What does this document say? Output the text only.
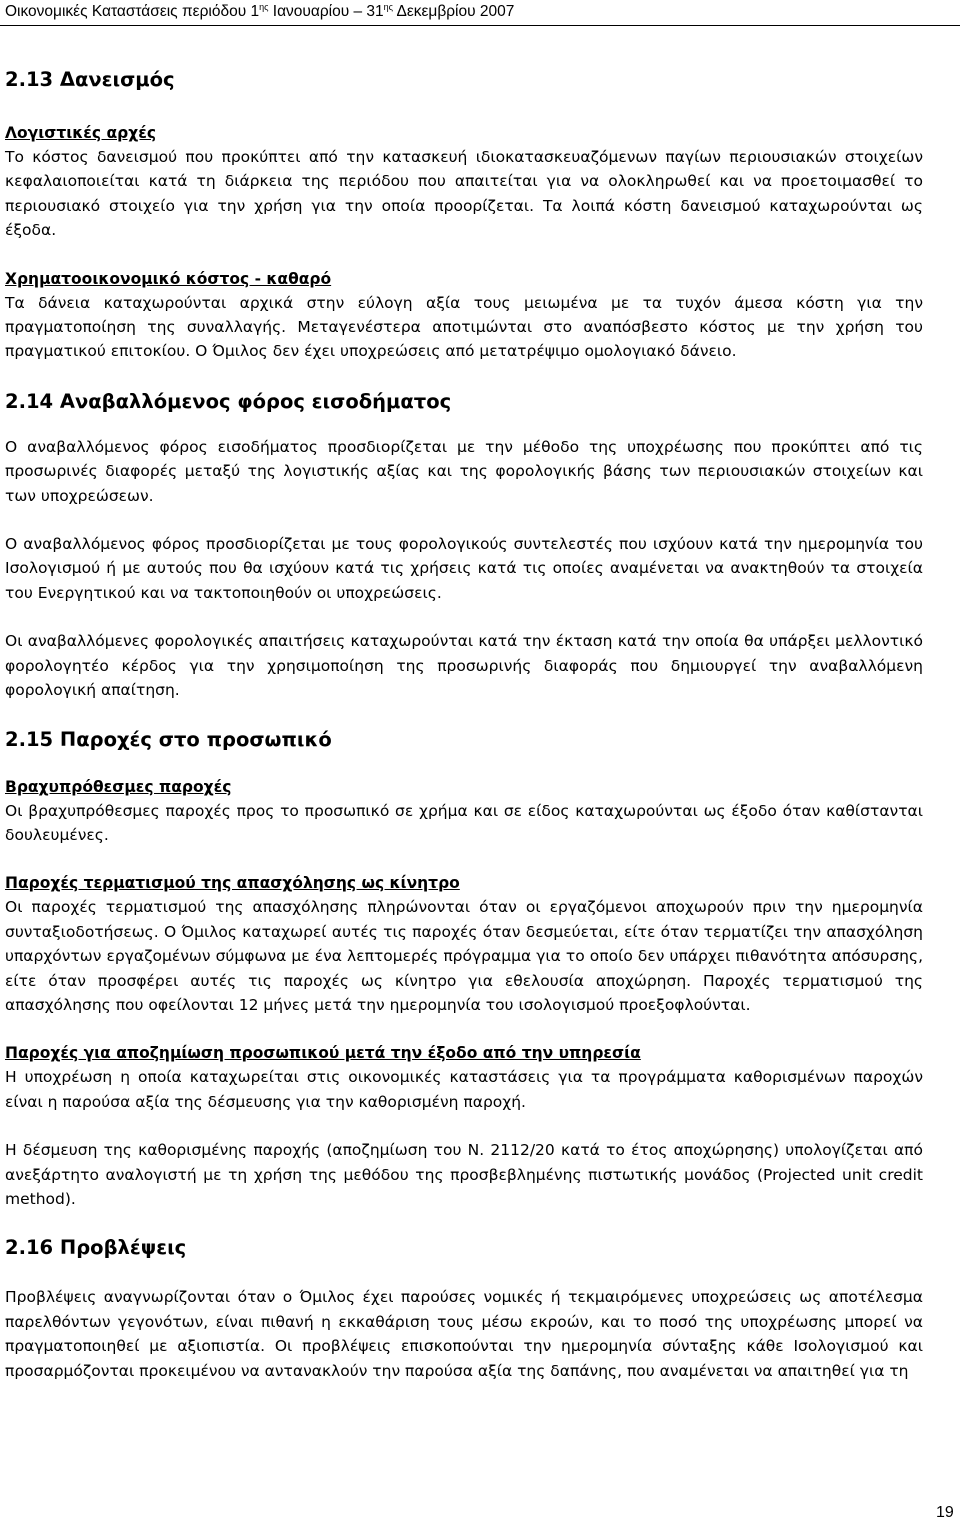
Οικονομικές Καταστάσεις περιόδου $1^{\eta\varsigma}$ Ιανουαρίου – $31^{\eta\varsigma}$ Δεκεμβρίου 2007
2.13 Δανεισμός
Λογιστικές αρχές

Το κόστος δανεισμού που προκύπτει από την κατασκευή ιδιοκατασκευαζόμενων παγίων περιουσιακών στοιχείων κεφαλαιοποιείται κατά τη διάρκεια της περιόδου που απαιτείται για να ολοκληρωθεί και να προετοιμασθεί το περιουσιακό στοιχείο για την χρήση για την οποία προορίζεται. Τα λοιπά κόστη δανεισμού καταχωρούνται ως έξοδα.

Χρηματοοικονομικό κόστος - καθαρό

Τα δάνεια καταχωρούνται αρχικά στην εύλογη αξία τους μειωμένα με τα τυχόν άμεσα κόστη για την πραγματοποίηση της συναλλαγής. Μεταγενέστερα αποτιμώνται στο αναπόσβεστο κόστος με την χρήση του πραγματικού επιτοκίου. Ο Όμιλος δεν έχει υποχρεώσεις από μετατρέψιμο ομολογιακό δάνειο.

2.14 Αναβαλλόμενος φόρος εισοδήματος

Ο αναβαλλόμενος φόρος εισοδήματος προσδιορίζεται με την μέθοδο της υποχρέωσης που προκύπτει από τις προσωρινές διαφορές μεταξύ της λογιστικής αξίας και της φορολογικής βάσης των περιουσιακών στοιχείων και των υποχρεώσεων.

Ο αναβαλλόμενος φόρος προσδιορίζεται με τους φορολογικούς συντελεστές που ισχύουν κατά την ημερομηνία του Ισολογισμού ή με αυτούς που θα ισχύουν κατά τις χρήσεις κατά τις οποίες αναμένεται να ανακτηθούν τα στοιχεία του Ενεργητικού και να τακτοποιηθούν οι υποχρεώσεις.

Οι αναβαλλόμενες φορολογικές απαιτήσεις καταχωρούνται κατά την έκταση κατά την οποία θα υπάρξει μελλοντικό φορολογητέο κέρδος για την χρησιμοποίηση της προσωρινής διαφοράς που δημιουργεί την αναβαλλόμενη φορολογική απαίτηση.

2.15 Παροχές στο προσωπικό
Βραχυπρόθεσμες παροχές

Οι βραχυπρόθεσμες παροχές προς το προσωπικό σε χρήμα και σε είδος καταχωρούνται ως έξοδο όταν καθίστανται δουλευμένες.

Παροχές τερματισμού της απασχόλησης ως κίνητρο

Οι παροχές τερματισμού της απασχόλησης πληρώνονται όταν οι εργαζόμενοι αποχωρούν πριν την ημερομηνία συνταξιοδοτήσεως. Ο Όμιλος καταχωρεί αυτές τις παροχές όταν δεσμεύεται, είτε όταν τερματίζει την απασχόληση υπαρχόντων εργαζομένων σύμφωνα με ένα λεπτομερές πρόγραμμα για το οποίο δεν υπάρχει πιθανότητα απόσυρσης, είτε όταν προσφέρει αυτές τις παροχές ως κίνητρο για εθελουσία αποχώρηση. Παροχές τερματισμού της απασχόλησης που οφείλονται 12 μήνες μετά την ημερομηνία του ισολογισμού προεξοφλούνται.

Παροχές για αποζημίωση προσωπικού μετά την έξοδο από την υπηρεσία

Η υποχρέωση η οποία καταχωρείται στις οικονομικές καταστάσεις για τα προγράμματα καθορισμένων παροχών είναι η παρούσα αξία της δέσμευσης για την καθορισμένη παροχή.

Η δέσμευση της καθορισμένης παροχής (αποζημίωση του Ν. 2112/20 κατά το έτος αποχώρησης) υπολογίζεται από ανεξάρτητο αναλογιστή με τη χρήση της μεθόδου της προσβεβλημένης πιστωτικής μονάδος (Projected unit credit method).

2.16 Προβλέψεις

Προβλέψεις αναγνωρίζονται όταν ο Όμιλος έχει παρούσες νομικές ή τεκμαιρόμενες υποχρεώσεις ως αποτέλεσμα παρελθόντων γεγονότων, είναι πιθανή η εκκαθάριση τους μέσω εκροών, και το ποσό της υποχρέωσης μπορεί να πραγματοποιηθεί με αξιοπιστία. Οι προβλέψεις επισκοπούνται την ημερομηνία σύνταξης κάθε Ισολογισμού και προσαρμόζονται προκειμένου να αντανακλούν την παρούσα αξία της δαπάνης, που αναμένεται να απαιτηθεί για τη

19
